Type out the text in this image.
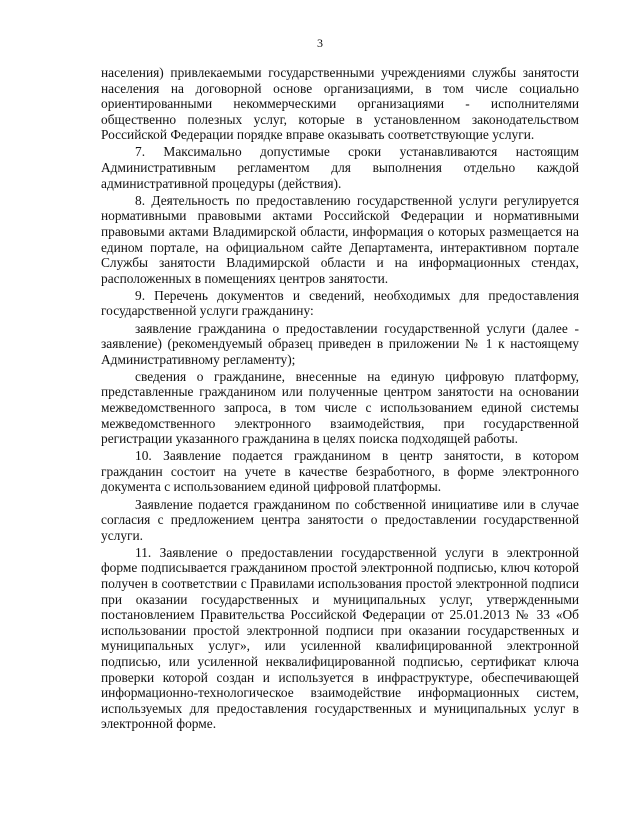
3

населения) привлекаемыми государственными учреждениями службы занятости населения на договорной основе организациями, в том числе социально ориентированными некоммерческими организациями - исполнителями общественно полезных услуг, которые в установленном законодательством Российской Федерации порядке вправе оказывать соответствующие услуги.

7. Максимально допустимые сроки устанавливаются настоящим Административным регламентом для выполнения отдельно каждой административной процедуры (действия).

8. Деятельность по предоставлению государственной услуги регулируется нормативными правовыми актами Российской Федерации и нормативными правовыми актами Владимирской области, информация о которых размещается на едином портале, на официальном сайте Департамента, интерактивном портале Службы занятости Владимирской области и на информационных стендах, расположенных в помещениях центров занятости.

9. Перечень документов и сведений, необходимых для предоставления государственной услуги гражданину:

заявление гражданина о предоставлении государственной услуги (далее - заявление) (рекомендуемый образец приведен в приложении № 1 к настоящему Административному регламенту);

сведения о гражданине, внесенные на единую цифровую платформу, представленные гражданином или полученные центром занятости на основании межведомственного запроса, в том числе с использованием единой системы межведомственного электронного взаимодействия, при государственной регистрации указанного гражданина в целях поиска подходящей работы.

10. Заявление подается гражданином в центр занятости, в котором гражданин состоит на учете в качестве безработного, в форме электронного документа с использованием единой цифровой платформы.

Заявление подается гражданином по собственной инициативе или в случае согласия с предложением центра занятости о предоставлении государственной услуги.

11. Заявление о предоставлении государственной услуги в электронной форме подписывается гражданином простой электронной подписью, ключ которой получен в соответствии с Правилами использования простой электронной подписи при оказании государственных и муниципальных услуг, утвержденными постановлением Правительства Российской Федерации от 25.01.2013 № 33 «Об использовании простой электронной подписи при оказании государственных и муниципальных услуг», или усиленной квалифицированной электронной подписью, или усиленной неквалифицированной подписью, сертификат ключа проверки которой создан и используется в инфраструктуре, обеспечивающей информационно-технологическое взаимодействие информационных систем, используемых для предоставления государственных и муниципальных услуг в электронной форме.
